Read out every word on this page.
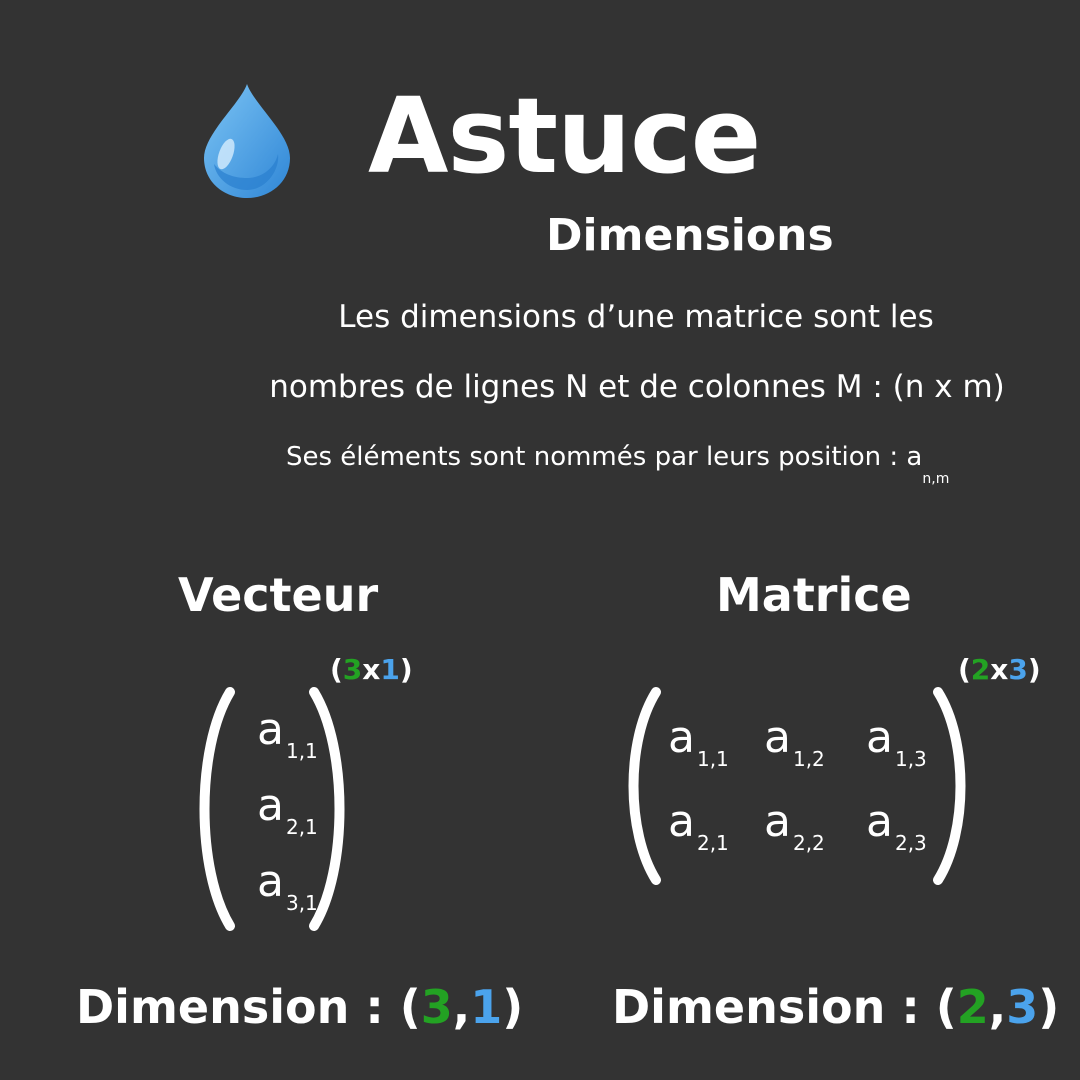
Astuce
Dimensions
Les dimensions d’une matrice sont les
nombres de lignes N et de colonnes M : (n x m)
Ses éléments sont nommés par leurs position : $a_{n,m}$
Vecteur
(3x1)
a $_{1,1}$
a $_{2,1}$
a $_{3,1}$
Dimension : (3,1)
Matrice
(2x3)
a $_{1,1}$ a $_{1,2}$ a $_{1,3}$
a $_{2,1}$ a $_{2,2}$ a $_{2,3}$
Dimension : (2,3)
